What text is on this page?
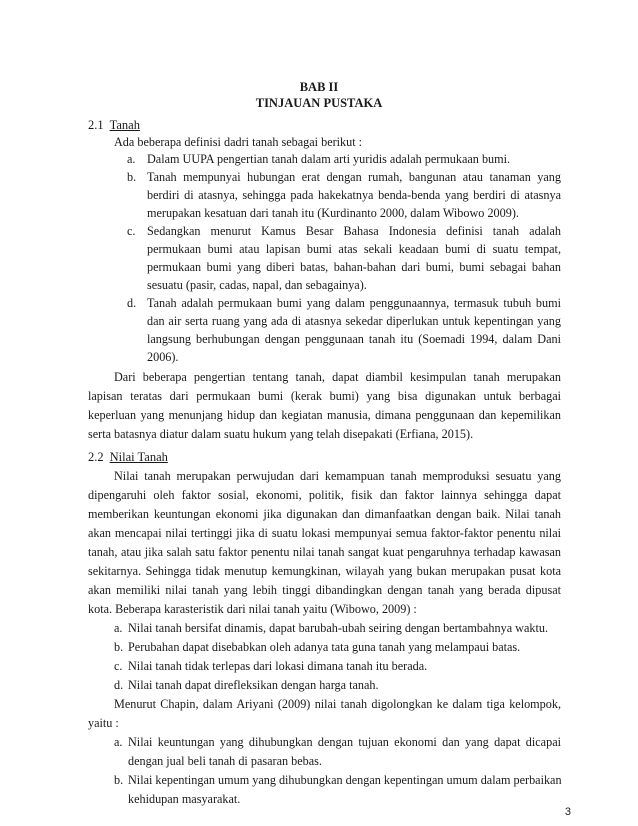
BAB II
TINJAUAN PUSTAKA
2.1 Tanah
Ada beberapa definisi dadri tanah sebagai berikut :
a. Dalam UUPA pengertian tanah dalam arti yuridis adalah permukaan bumi.
b. Tanah mempunyai hubungan erat dengan rumah, bangunan atau tanaman yang
berdiri di atasnya, sehingga pada hakekatnya benda-benda yang berdiri di atasnya
merupakan kesatuan dari tanah itu (Kurdinanto 2000, dalam Wibowo 2009).
c. Sedangkan menurut Kamus Besar Bahasa Indonesia definisi tanah adalah
permukaan bumi atau lapisan bumi atas sekali keadaan bumi di suatu tempat,
permukaan bumi yang diberi batas, bahan-bahan dari bumi, bumi sebagai bahan
sesuatu (pasir, cadas, napal, dan sebagainya).
d. Tanah adalah permukaan bumi yang dalam penggunaannya, termasuk tubuh bumi
dan air serta ruang yang ada di atasnya sekedar diperlukan untuk kepentingan yang
langsung berhubungan dengan penggunaan tanah itu (Soemadi 1994, dalam Dani
2006).
Dari beberapa pengertian tentang tanah, dapat diambil kesimpulan tanah merupakan
lapisan teratas dari permukaan bumi (kerak bumi) yang bisa digunakan untuk berbagai
keperluan yang menunjang hidup dan kegiatan manusia, dimana penggunaan dan kepemilikan
serta batasnya diatur dalam suatu hukum yang telah disepakati (Erfiana, 2015).
2.2 Nilai Tanah
Nilai tanah merupakan perwujudan dari kemampuan tanah memproduksi sesuatu yang
dipengaruhi oleh faktor sosial, ekonomi, politik, fisik dan faktor lainnya sehingga dapat
memberikan keuntungan ekonomi jika digunakan dan dimanfaatkan dengan baik. Nilai tanah
akan mencapai nilai tertinggi jika di suatu lokasi mempunyai semua faktor-faktor penentu nilai
tanah, atau jika salah satu faktor penentu nilai tanah sangat kuat pengaruhnya terhadap kawasan
sekitarnya. Sehingga tidak menutup kemungkinan, wilayah yang bukan merupakan pusat kota
akan memiliki nilai tanah yang lebih tinggi dibandingkan dengan tanah yang berada dipusat
kota. Beberapa karasteristik dari nilai tanah yaitu (Wibowo, 2009) :
a. Nilai tanah bersifat dinamis, dapat barubah-ubah seiring dengan bertambahnya waktu.
b. Perubahan dapat disebabkan oleh adanya tata guna tanah yang melampaui batas.
c. Nilai tanah tidak terlepas dari lokasi dimana tanah itu berada.
d. Nilai tanah dapat direfleksikan dengan harga tanah.
Menurut Chapin, dalam Ariyani (2009) nilai tanah digolongkan ke dalam tiga kelompok,
yaitu :
a. Nilai keuntungan yang dihubungkan dengan tujuan ekonomi dan yang dapat dicapai
dengan jual beli tanah di pasaran bebas.
b. Nilai kepentingan umum yang dihubungkan dengan kepentingan umum dalam perbaikan
kehidupan masyarakat.
3
